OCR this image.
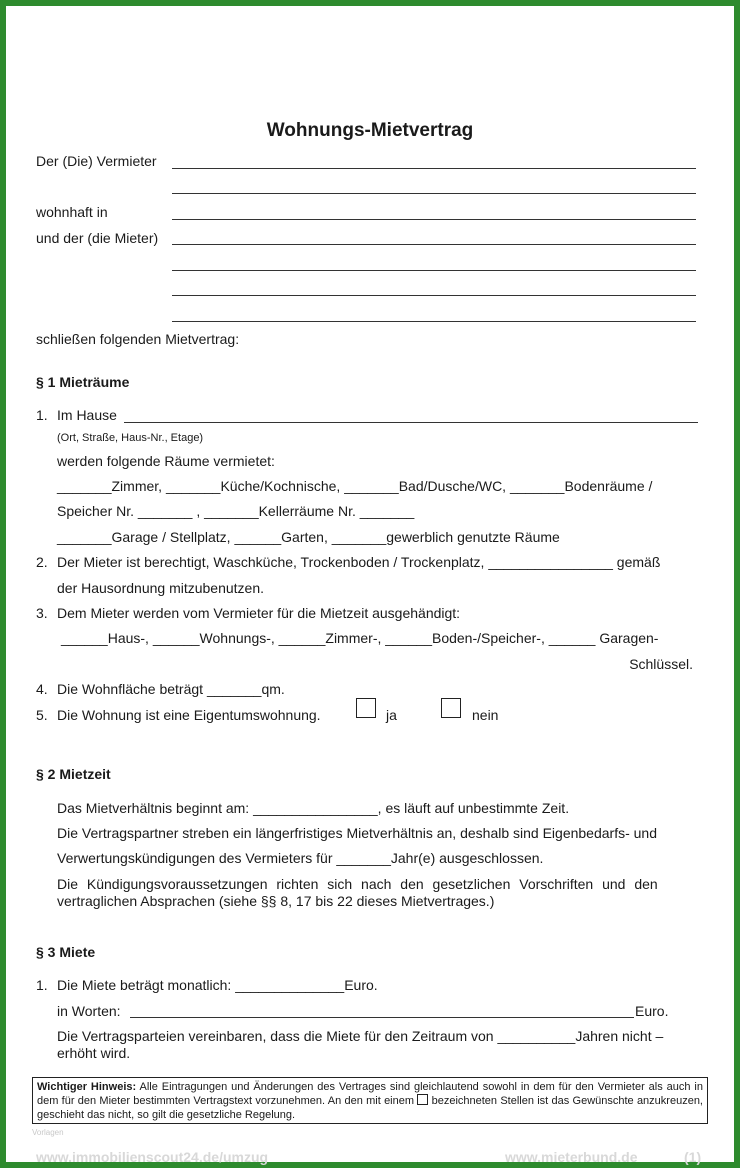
Wohnungs-Mietvertrag
Der (Die) Vermieter
wohnhaft in
und der (die Mieter)
schließen folgenden Mietvertrag:
§ 1 Mieträume
1. Im Hause
(Ort, Straße, Haus-Nr., Etage)
werden folgende Räume vermietet:
_______Zimmer, _______Küche/Kochnische, _______Bad/Dusche/WC, _______Bodenräume /
Speicher Nr. _______ , _______Kellerräume Nr. _______
_______Garage / Stellplatz, ______Garten, _______gewerblich genutzte Räume
2. Der Mieter ist berechtigt, Waschküche, Trockenboden / Trockenplatz, ________________ gemäß
der Hausordnung mitzubenutzen.
3. Dem Mieter werden vom Vermieter für die Mietzeit ausgehändigt:
______Haus-, ______Wohnungs-, ______Zimmer-, ______Boden-/Speicher-, ______ Garagen-
Schlüssel.
4. Die Wohnfläche beträgt _______qm.
5. Die Wohnung ist eine Eigentumswohnung.	ja	nein
§ 2 Mietzeit
Das Mietverhältnis beginnt am: ________________, es läuft auf unbestimmte Zeit.
Die Vertragspartner streben ein längerfristiges Mietverhältnis an, deshalb sind Eigenbedarfs- und
Verwertungskündigungen des Vermieters für _______Jahr(e) ausgeschlossen.
Die Kündigungsvoraussetzungen richten sich nach den gesetzlichen Vorschriften und den
vertraglichen Absprachen (siehe §§ 8, 17 bis 22 dieses Mietvertrages.)
§ 3 Miete
1. Die Miete beträgt monatlich: ______________Euro.
in Worten:	Euro.
Die Vertragsparteien vereinbaren, dass die Miete für den Zeitraum von __________Jahren nicht –
erhöht wird.
Wichtiger Hinweis: Alle Eintragungen und Änderungen des Vertrages sind gleichlautend sowohl in dem für den Vermieter als auch in dem für den Mieter bestimmten Vertragstext vorzunehmen. An den mit einem  bezeichneten Stellen ist das Gewünschte anzukreuzen, geschieht das nicht, so gilt die gesetzliche Regelung.
Vorlagen
www.immobilienscout24.de/umzug	www.mieterbund.de	(1)
